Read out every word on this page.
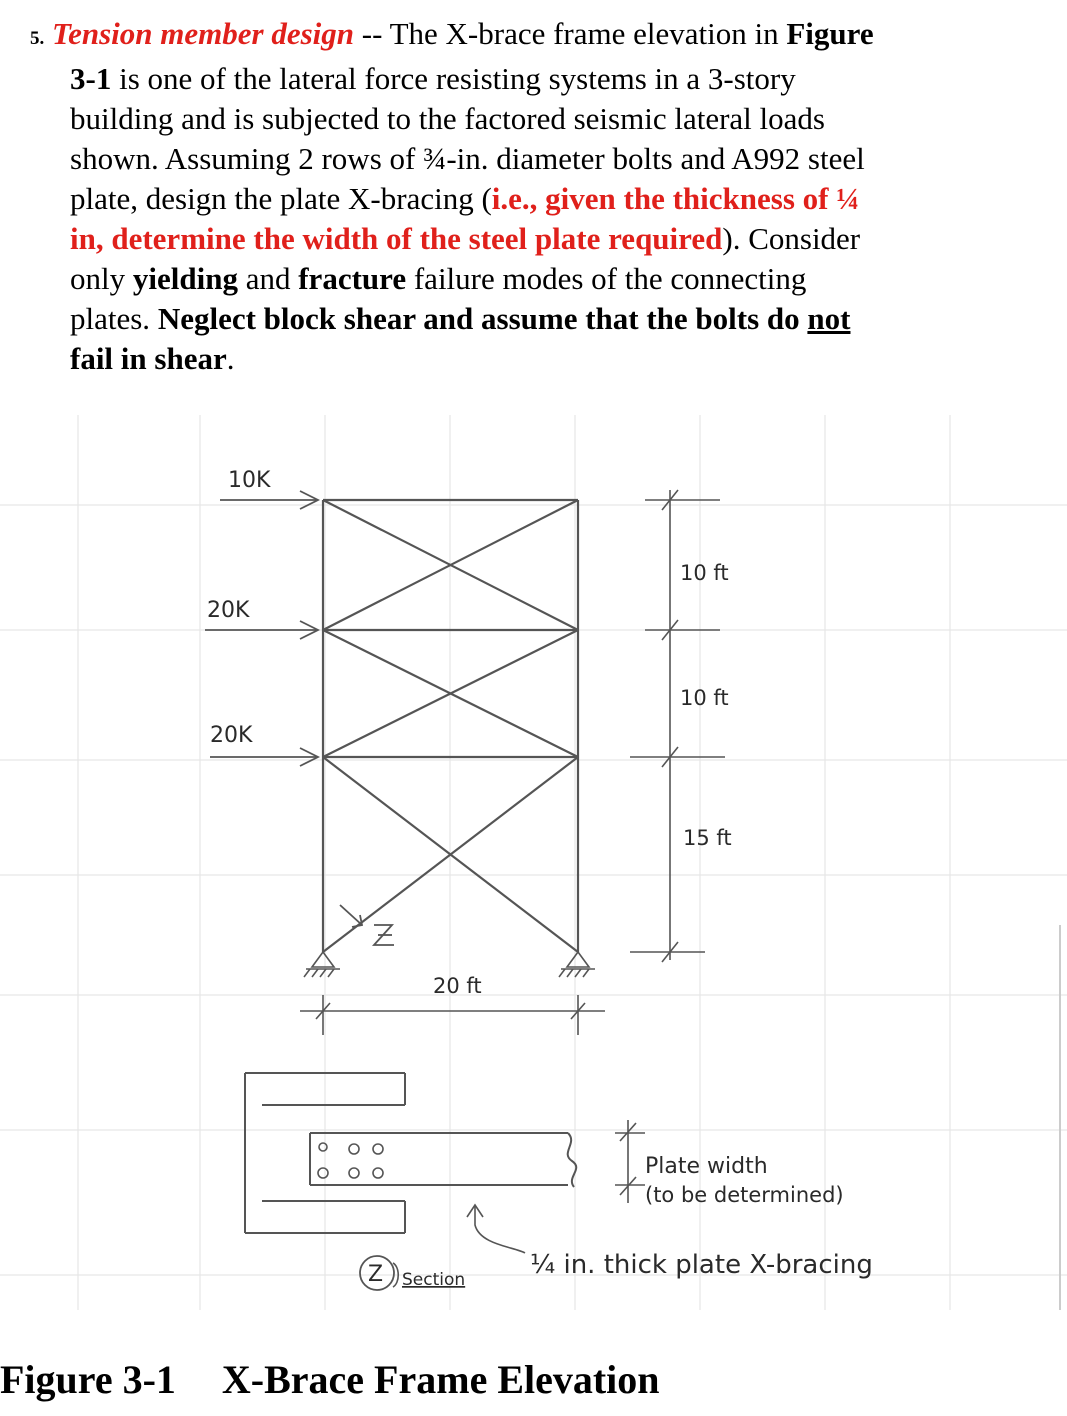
5. Tension member design -- The X-brace frame elevation in Figure
3-1 is one of the lateral force resisting systems in a 3-story
building and is subjected to the factored seismic lateral loads
shown. Assuming 2 rows of ¾-in. diameter bolts and A992 steel
plate, design the plate X-bracing (i.e., given the thickness of ¼
in, determine the width of the steel plate required). Consider
only yielding and fracture failure modes of the connecting
plates. Neglect block shear and assume that the bolts do not
fail in shear.
10K
20K
20K
10 ft
10 ft
15 ft
20 ft
Plate width
(to be determined)
Z Section ¼ in. thick plate X-bracing
Figure 3-1 X-Brace Frame Elevation
